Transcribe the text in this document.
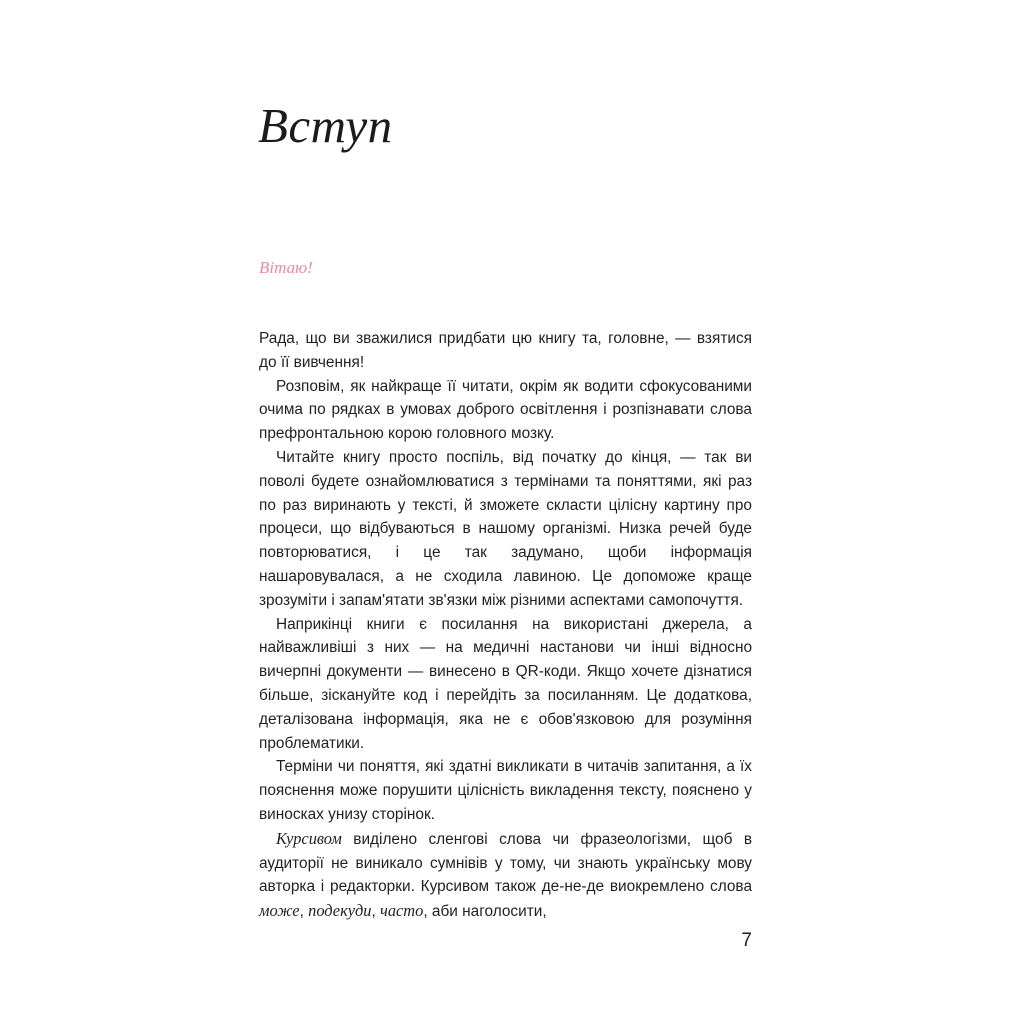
Вступ
Вітаю!

Рада, що ви зважилися придбати цю книгу та, головне, — взятися до її вивчення!

Розповім, як найкраще її читати, окрім як водити сфокусованими очима по рядках в умовах доброго освітлення і розпізнавати слова префронтальною корою головного мозку.

Читайте книгу просто поспіль, від початку до кінця, — так ви поволі будете ознайомлюватися з термінами та поняттями, які раз по раз виринають у тексті, й зможете скласти цілісну картину про процеси, що відбуваються в нашому організмі. Низка речей буде повторюватися, і це так задумано, щоби інформація нашаровувалася, а не сходила лавиною. Це допоможе краще зрозуміти і запам'ятати зв'язки між різними аспектами самопочуття.

Наприкінці книги є посилання на використані джерела, а найважливіші з них — на медичні настанови чи інші відносно вичерпні документи — винесено в QR-коди. Якщо хочете дізнатися більше, зіскануйте код і перейдіть за посиланням. Це додаткова, деталізована інформація, яка не є обов'язковою для розуміння проблематики.

Терміни чи поняття, які здатні викликати в читачів запитання, а їх пояснення може порушити цілісність викладення тексту, пояснено у виносках унизу сторінок.

Курсивом виділено сленгові слова чи фразеологізми, щоб в аудиторії не виникало сумнівів у тому, чи знають українську мову авторка і редакторки. Курсивом також де-не-де виокремлено слова може, подекуди, часто, аби наголосити,

7
